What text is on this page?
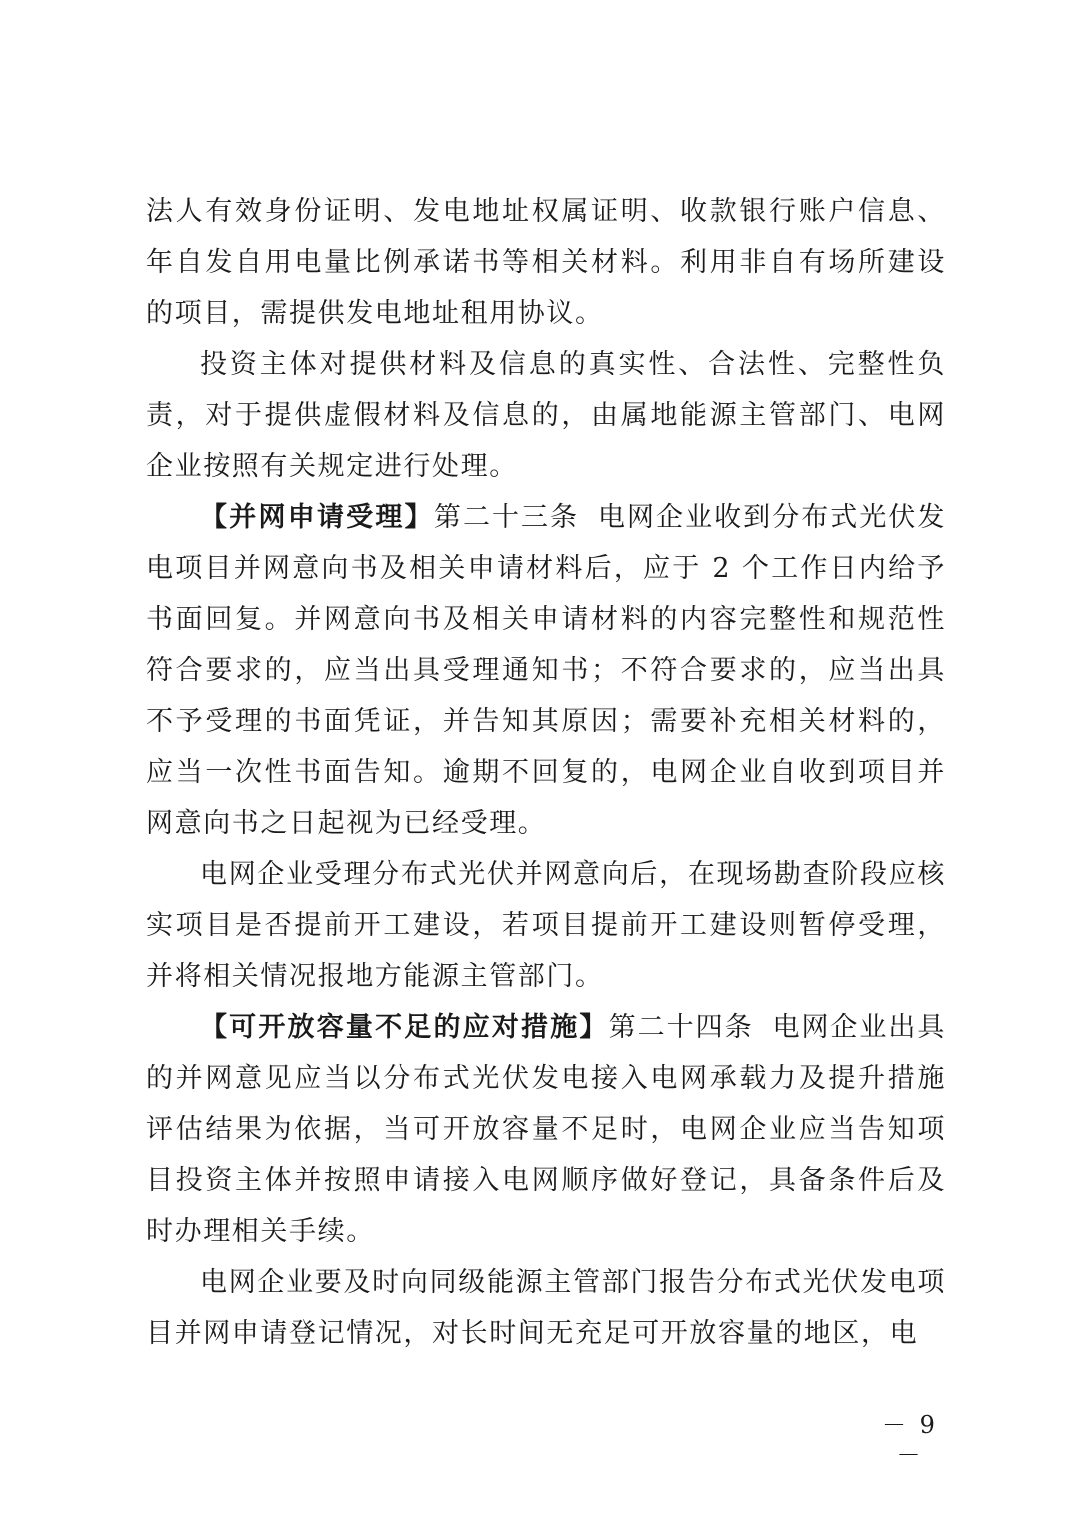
法人有效身份证明、发电地址权属证明、收款银行账户信息、年自发自用电量比例承诺书等相关材料。利用非自有场所建设的项目，需提供发电地址租用协议。

投资主体对提供材料及信息的真实性、合法性、完整性负责，对于提供虚假材料及信息的，由属地能源主管部门、电网企业按照有关规定进行处理。

【并网申请受理】第二十三条 电网企业收到分布式光伏发电项目并网意向书及相关申请材料后，应于 2 个工作日内给予书面回复。并网意向书及相关申请材料的内容完整性和规范性符合要求的，应当出具受理通知书；不符合要求的，应当出具不予受理的书面凭证，并告知其原因；需要补充相关材料的，应当一次性书面告知。逾期不回复的，电网企业自收到项目并网意向书之日起视为已经受理。

电网企业受理分布式光伏并网意向后，在现场勘查阶段应核实项目是否提前开工建设，若项目提前开工建设则暂停受理，并将相关情况报地方能源主管部门。

【可开放容量不足的应对措施】第二十四条 电网企业出具的并网意见应当以分布式光伏发电接入电网承载力及提升措施评估结果为依据，当可开放容量不足时，电网企业应当告知项目投资主体并按照申请接入电网顺序做好登记，具备条件后及时办理相关手续。

电网企业要及时向同级能源主管部门报告分布式光伏发电项目并网申请登记情况，对长时间无充足可开放容量的地区，电

－ 9 －
